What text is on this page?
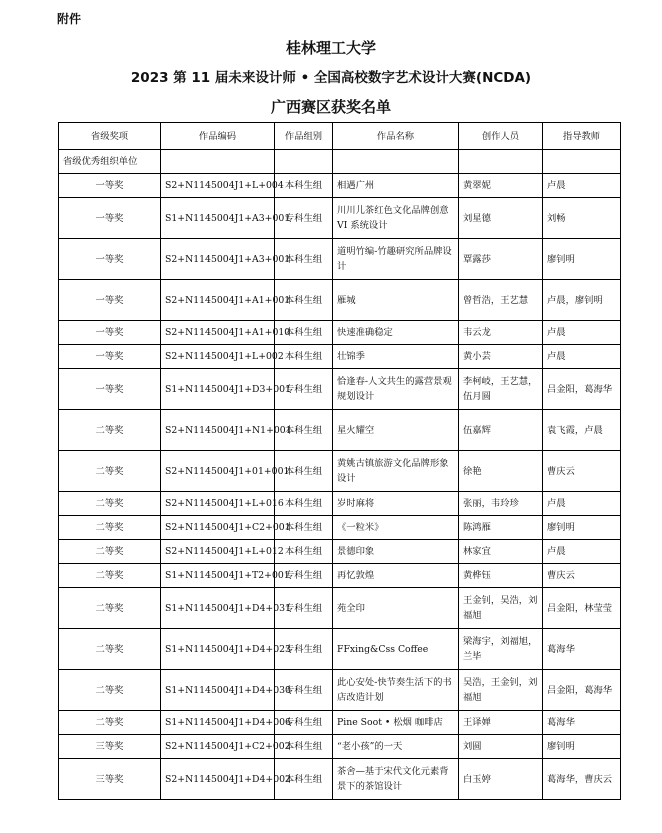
附件
桂林理工大学
2023 第 11 届未来设计师 • 全国高校数字艺术设计大赛(NCDA)
广西赛区获奖名单
省级奖项	作品编码	作品组别	作品名称	创作人员	指导教师
省级优秀组织单位					
一等奖	S2+N1145004J1+L+004	本科生组	相遇广州	黄翠妮	卢晨
一等奖	S1+N1145004J1+A3+001	专科生组	川川儿茶红色文化品牌创意 VI 系统设计	刘星德	刘畅
一等奖	S2+N1145004J1+A3+001	本科生组	道明竹编-竹趣研究所品牌设计	覃露莎	廖钊明
一等奖	S2+N1145004J1+A1+001	本科生组	雁城	曾哲浩，王艺慧	卢晨，廖钊明
一等奖	S2+N1145004J1+A1+010	本科生组	快速准确稳定	韦云龙	卢晨
一等奖	S2+N1145004J1+L+002	本科生组	壮锦季	黄小芸	卢晨
一等奖	S1+N1145004J1+D3+001	专科生组	恰逢春-人文共生的露营景观规划设计	李柯岐，王艺慧，伍月圆	吕金阳，葛海华
二等奖	S2+N1145004J1+N1+001	本科生组	星火耀空	伍嘉辉	袁飞霞，卢晨
二等奖	S2+N1145004J1+01+001	本科生组	黄姚古镇旅游文化品牌形象设计	徐艳	曹庆云
二等奖	S2+N1145004J1+L+016	本科生组	岁时麻将	张丽，韦玲珍	卢晨
二等奖	S2+N1145004J1+C2+001	本科生组	《一粒米》	陈鸿雁	廖钊明
二等奖	S2+N1145004J1+L+012	本科生组	景德印象	林家宜	卢晨
二等奖	S1+N1145004J1+T2+001	专科生组	再忆敦煌	黄桦钰	曹庆云
二等奖	S1+N1145004J1+D4+031	专科生组	苑全印	王金钊，吴浩，刘福旭	吕金阳，林莹莹
二等奖	S1+N1145004J1+D4+023	专科生组	FFxing&Css Coffee	梁海宇，刘福旭，兰毕	葛海华
二等奖	S1+N1145004J1+D4+030	专科生组	此心安处-快节奏生活下的书店改造计划	吴浩，王金钊，刘福旭	吕金阳，葛海华
二等奖	S1+N1145004J1+D4+006	专科生组	Pine Soot • 松烟 咖啡店	王译婵	葛海华
三等奖	S2+N1145004J1+C2+002	本科生组	“老小孩”的一天	刘圆	廖钊明
三等奖	S2+N1145004J1+D4+002	本科生组	茶舍—基于宋代文化元素背景下的茶馆设计	白玉婷	葛海华，曹庆云
